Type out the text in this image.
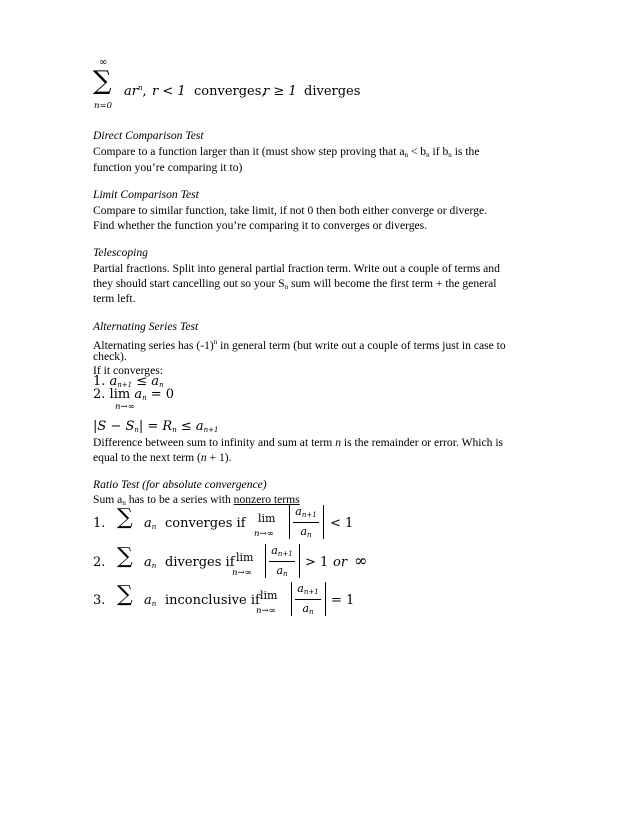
∞
∑
n=0
$ar^n$, r < 1 converges,
r ≥ 1 diverges
Direct Comparison Test
Compare to a function larger than it (must show step proving that $a_n < b_n$ if $b_n$ is the
function you’re comparing it to)
Limit Comparison Test
Compare to similar function, take limit, if not 0 then both either converge or diverge.
Find whether the function you’re comparing it to converges or diverges.
Telescoping
Partial fractions. Split into general partial fraction term. Write out a couple of terms and
they should start cancelling out so your $S_n$ sum will become the first term + the general
term left.
Alternating Series Test
Alternating series has $(-1)^n$ in general term (but write out a couple of terms just in case to
check).
If it converges:
1. $a_{n+1} \le a_n$
2. $\lim a_n = 0$
n→∞
$|S - S_n| = R_n \le a_{n+1}$
Difference between sum to infinity and sum at term n is the remainder or error. Which is
equal to the next term (n + 1).
Ratio Test (for absolute convergence)
Sum $a_n$ has to be a series with nonzero terms
1. ∑ $a_n$ converges if lim
n→∞
$a_{n+1}$
$a_n$
< 1
2. ∑ $a_n$ diverges if lim
n→∞
$a_{n+1}$
$a_n$
> 1 or ∞
3. ∑ $a_n$ inconclusive if lim
n→∞
$a_{n+1}$
$a_n$
= 1
